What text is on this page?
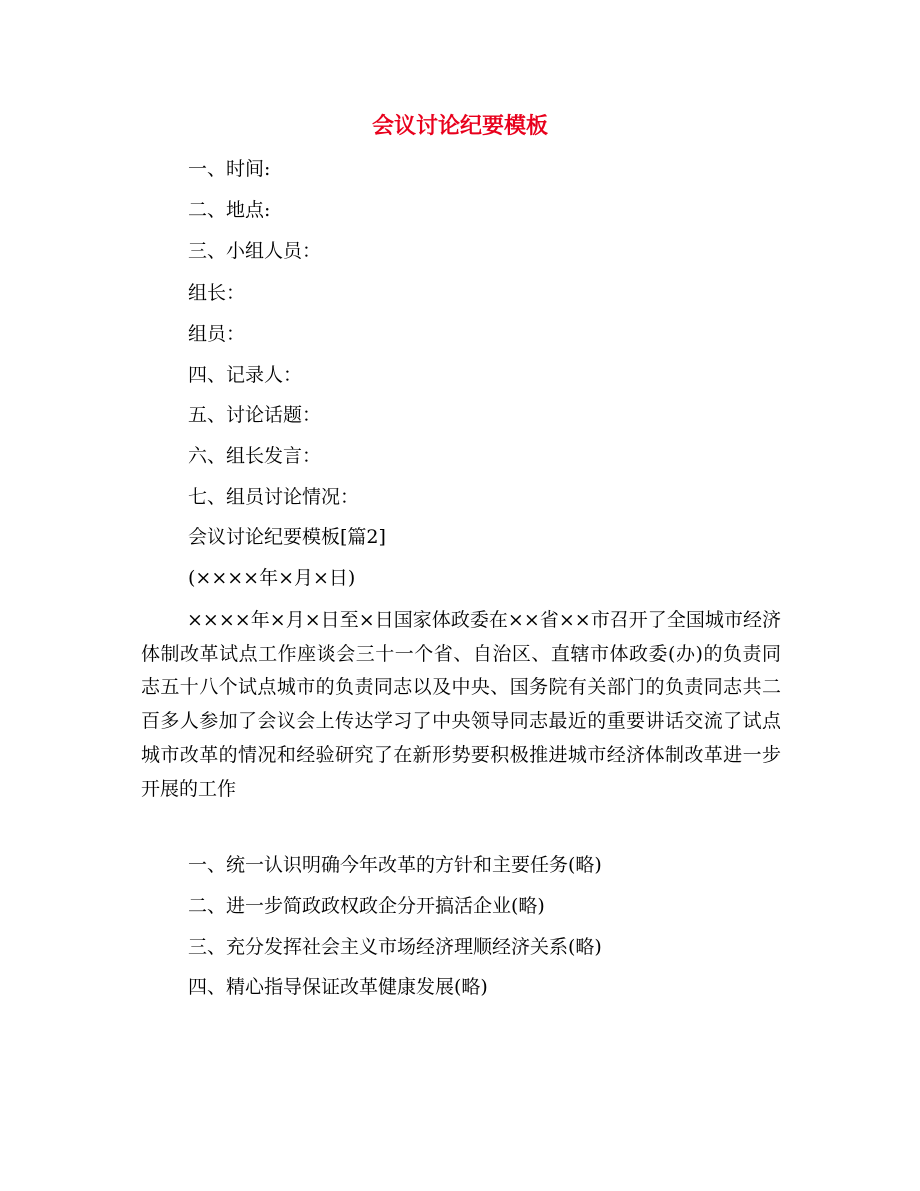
会议讨论纪要模板

一、时间:

二、地点:

三、小组人员：

组长：

组员：

四、记录人：

五、讨论话题：

六、组长发言：

七、组员讨论情况：

会议讨论纪要模板[篇2]

(××××年×月×日)

××××年×月×日至×日国家体政委在××省××市召开了全国城市经济体制改革试点工作座谈会三十一个省、自治区、直辖市体政委(办)的负责同志五十八个试点城市的负责同志以及中央、国务院有关部门的负责同志共二百多人参加了会议会上传达学习了中央领导同志最近的重要讲话交流了试点城市改革的情况和经验研究了在新形势要积极推进城市经济体制改革进一步开展的工作

一、统一认识明确今年改革的方针和主要任务(略)

二、进一步简政政权政企分开搞活企业(略)

三、充分发挥社会主义市场经济理顺经济关系(略)

四、精心指导保证改革健康发展(略)
